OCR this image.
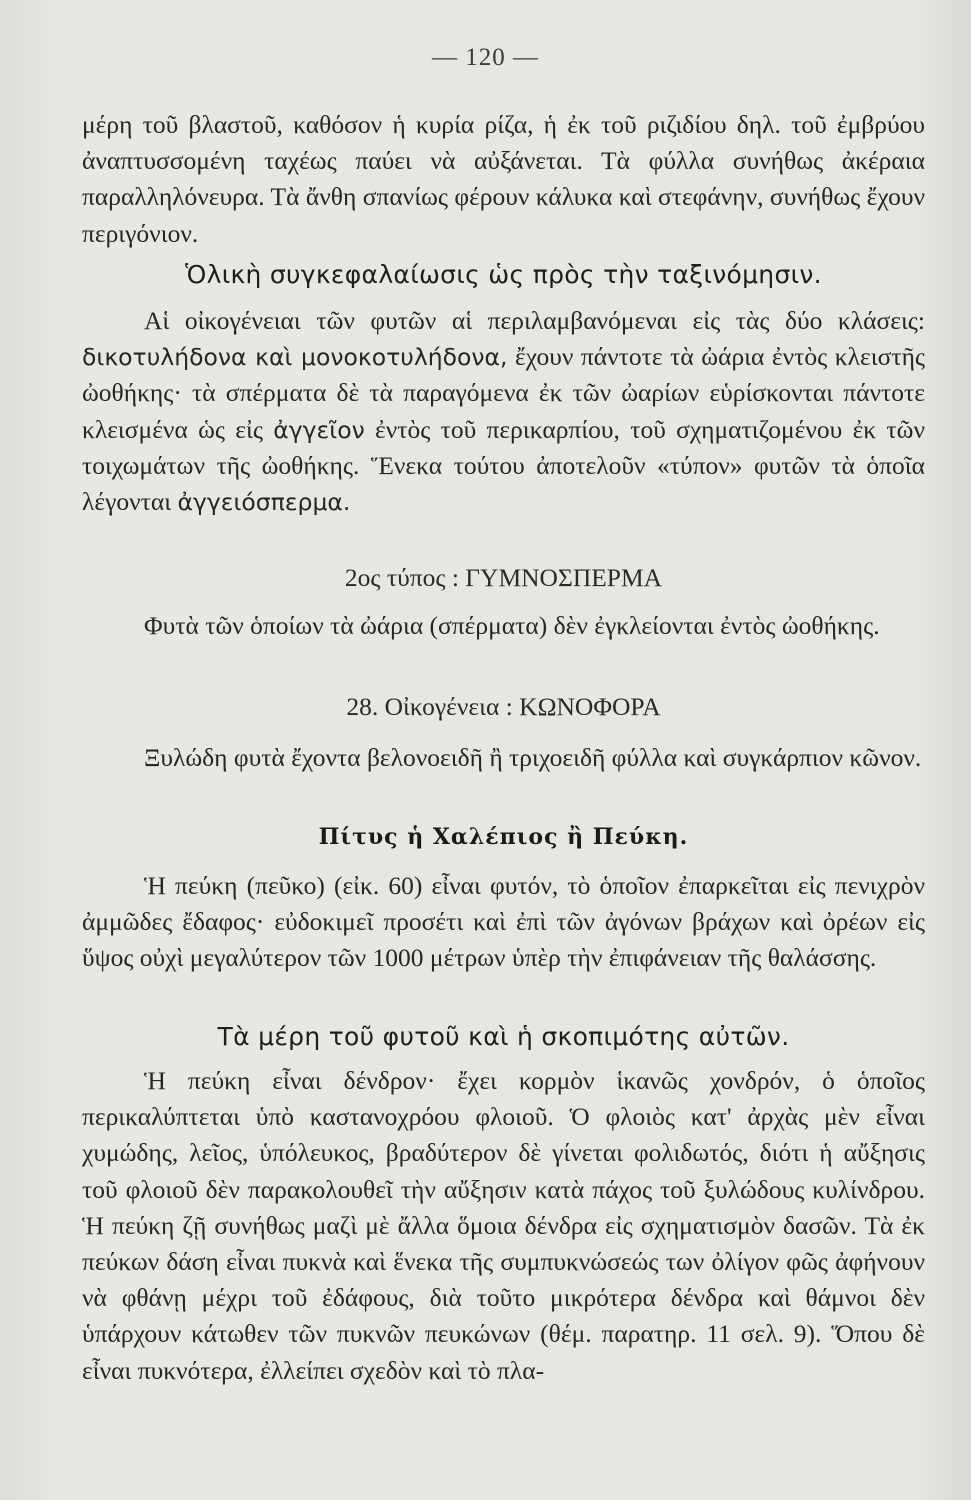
— 120 —

μέρη τοῦ βλαστοῦ, καθόσον ἡ κυρία ρίζα, ἡ ἐκ τοῦ ριζιδίου δηλ. τοῦ ἐμβρύου ἀναπτυσσομένη ταχέως παύει νὰ αὐξάνεται. Τὰ φύλλα συνήθως ἀκέραια παραλληλόνευρα. Τὰ ἄνθη σπανίως φέρουν κάλυκα καὶ στεφάνην, συνήθως ἔχουν περιγόνιον.

Ὁλικὴ συγκεφαλαίωσις ὡς πρὸς τὴν ταξινόμησιν.

Αἱ οἰκογένειαι τῶν φυτῶν αἱ περιλαμβανόμεναι εἰς τὰς δύο κλάσεις: δικοτυλήδονα καὶ μονοκοτυλήδονα, ἔχουν πάντοτε τὰ ὠάρια ἐντὸς κλειστῆς ὠοθήκης· τὰ σπέρματα δὲ τὰ παραγόμενα ἐκ τῶν ὠαρίων εὑρίσκονται πάντοτε κλεισμένα ὡς εἰς ἀγγεῖον ἐντὸς τοῦ περικαρπίου, τοῦ σχηματιζομένου ἐκ τῶν τοιχωμάτων τῆς ὠοθήκης. Ἕνεκα τούτου ἀποτελοῦν «τύπον» φυτῶν τὰ ὁποῖα λέγονται ἀγγειόσπερμα.

2ος τύπος : ΓΥΜΝΟΣΠΕΡΜΑ

Φυτὰ τῶν ὁποίων τὰ ὠάρια (σπέρματα) δὲν ἐγκλείονται ἐντὸς ὠοθήκης.

28. Οἰκογένεια : ΚΩΝΟΦΟΡΑ

Ξυλώδη φυτὰ ἔχοντα βελονοειδῆ ἢ τριχοειδῆ φύλλα καὶ συγκάρπιον κῶνον.

Πίτυς ἡ Χαλέπιος ἢ Πεύκη.

Ἡ πεύκη (πεῦκο) (εἰκ. 60) εἶναι φυτόν, τὸ ὁποῖον ἐπαρκεῖται εἰς πενιχρὸν ἀμμῶδες ἔδαφος· εὐδοκιμεῖ προσέτι καὶ ἐπὶ τῶν ἀγόνων βράχων καὶ ὀρέων εἰς ὕψος οὐχὶ μεγαλύτερον τῶν 1000 μέτρων ὑπὲρ τὴν ἐπιφάνειαν τῆς θαλάσσης.

Τὰ μέρη τοῦ φυτοῦ καὶ ἡ σκοπιμότης αὐτῶν.

Ἡ πεύκη εἶναι δένδρον· ἔχει κορμὸν ἱκανῶς χονδρόν, ὁ ὁποῖος περικαλύπτεται ὑπὸ καστανοχρόου φλοιοῦ. Ὁ φλοιὸς κατ' ἀρχὰς μὲν εἶναι χυμώδης, λεῖος, ὑπόλευκος, βραδύτερον δὲ γίνεται φολιδωτός, διότι ἡ αὔξησις τοῦ φλοιοῦ δὲν παρακολουθεῖ τὴν αὔξησιν κατὰ πάχος τοῦ ξυλώδους κυλίνδρου. Ἡ πεύκη ζῇ συνήθως μαζὶ μὲ ἄλλα ὅμοια δένδρα εἰς σχηματισμὸν δασῶν. Τὰ ἐκ πεύκων δάση εἶναι πυκνὰ καὶ ἕνεκα τῆς συμπυκνώσεώς των ὀλίγον φῶς ἀφήνουν νὰ φθάνῃ μέχρι τοῦ ἐδάφους, διὰ τοῦτο μικρότερα δένδρα καὶ θάμνοι δὲν ὑπάρχουν κάτωθεν τῶν πυκνῶν πευκώνων (θέμ. παρατηρ. 11 σελ. 9). Ὅπου δὲ εἶναι πυκνότερα, ἐλλείπει σχεδὸν καὶ τὸ πλα-
